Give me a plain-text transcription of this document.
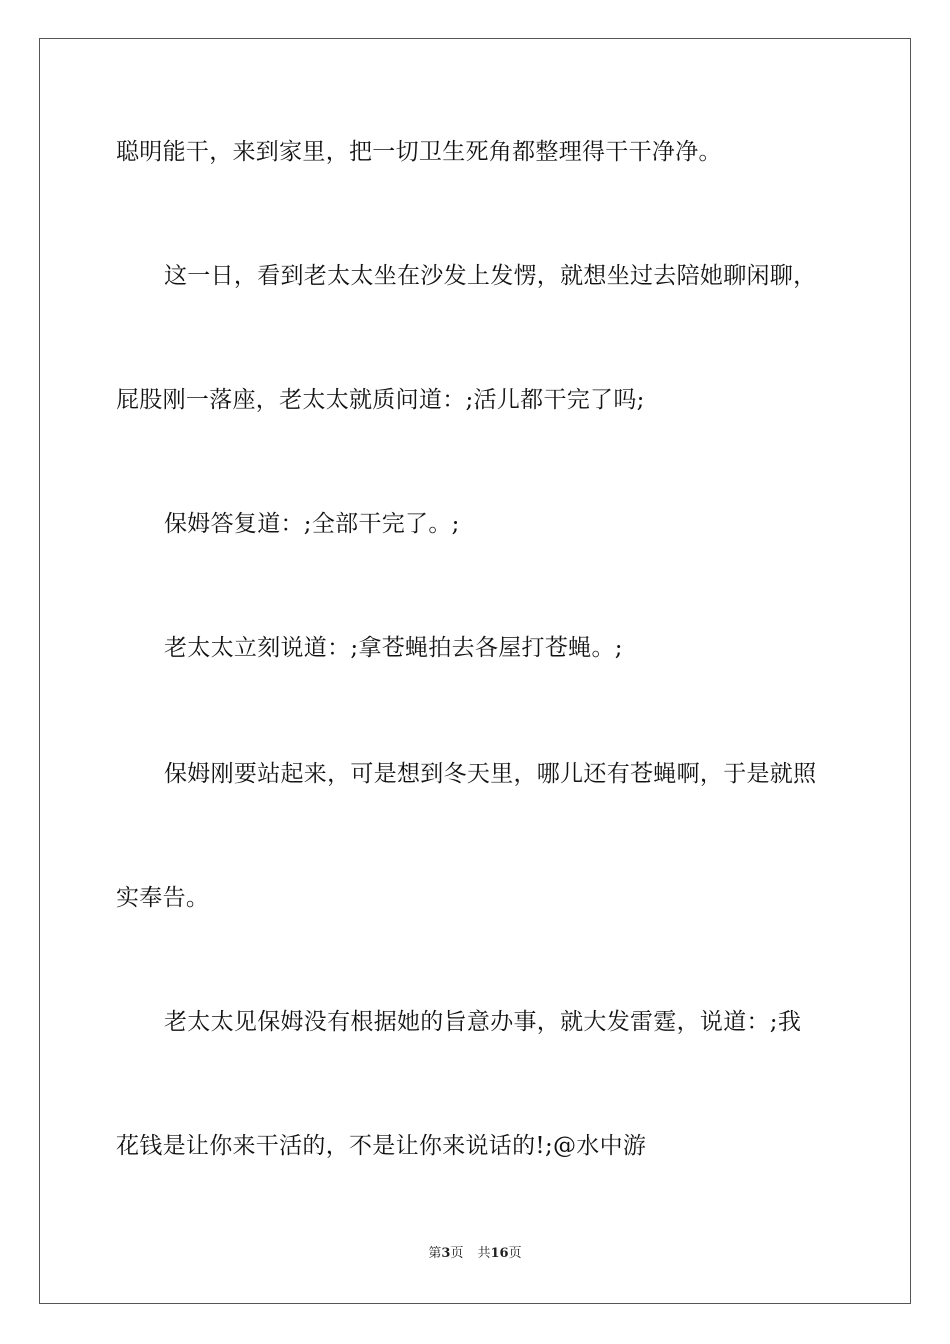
聪明能干，来到家里，把一切卫生死角都整理得干干净净。
这一日，看到老太太坐在沙发上发愣，就想坐过去陪她聊闲聊，
屁股刚一落座，老太太就质问道：;活儿都干完了吗;
保姆答复道：;全部干完了。;
老太太立刻说道：;拿苍蝇拍去各屋打苍蝇。;
保姆刚要站起来，可是想到冬天里，哪儿还有苍蝇啊，于是就照
实奉告。
老太太见保姆没有根据她的旨意办事，就大发雷霆，说道：;我
花钱是让你来干活的，不是让你来说话的!;@水中游
第3页 共16页
